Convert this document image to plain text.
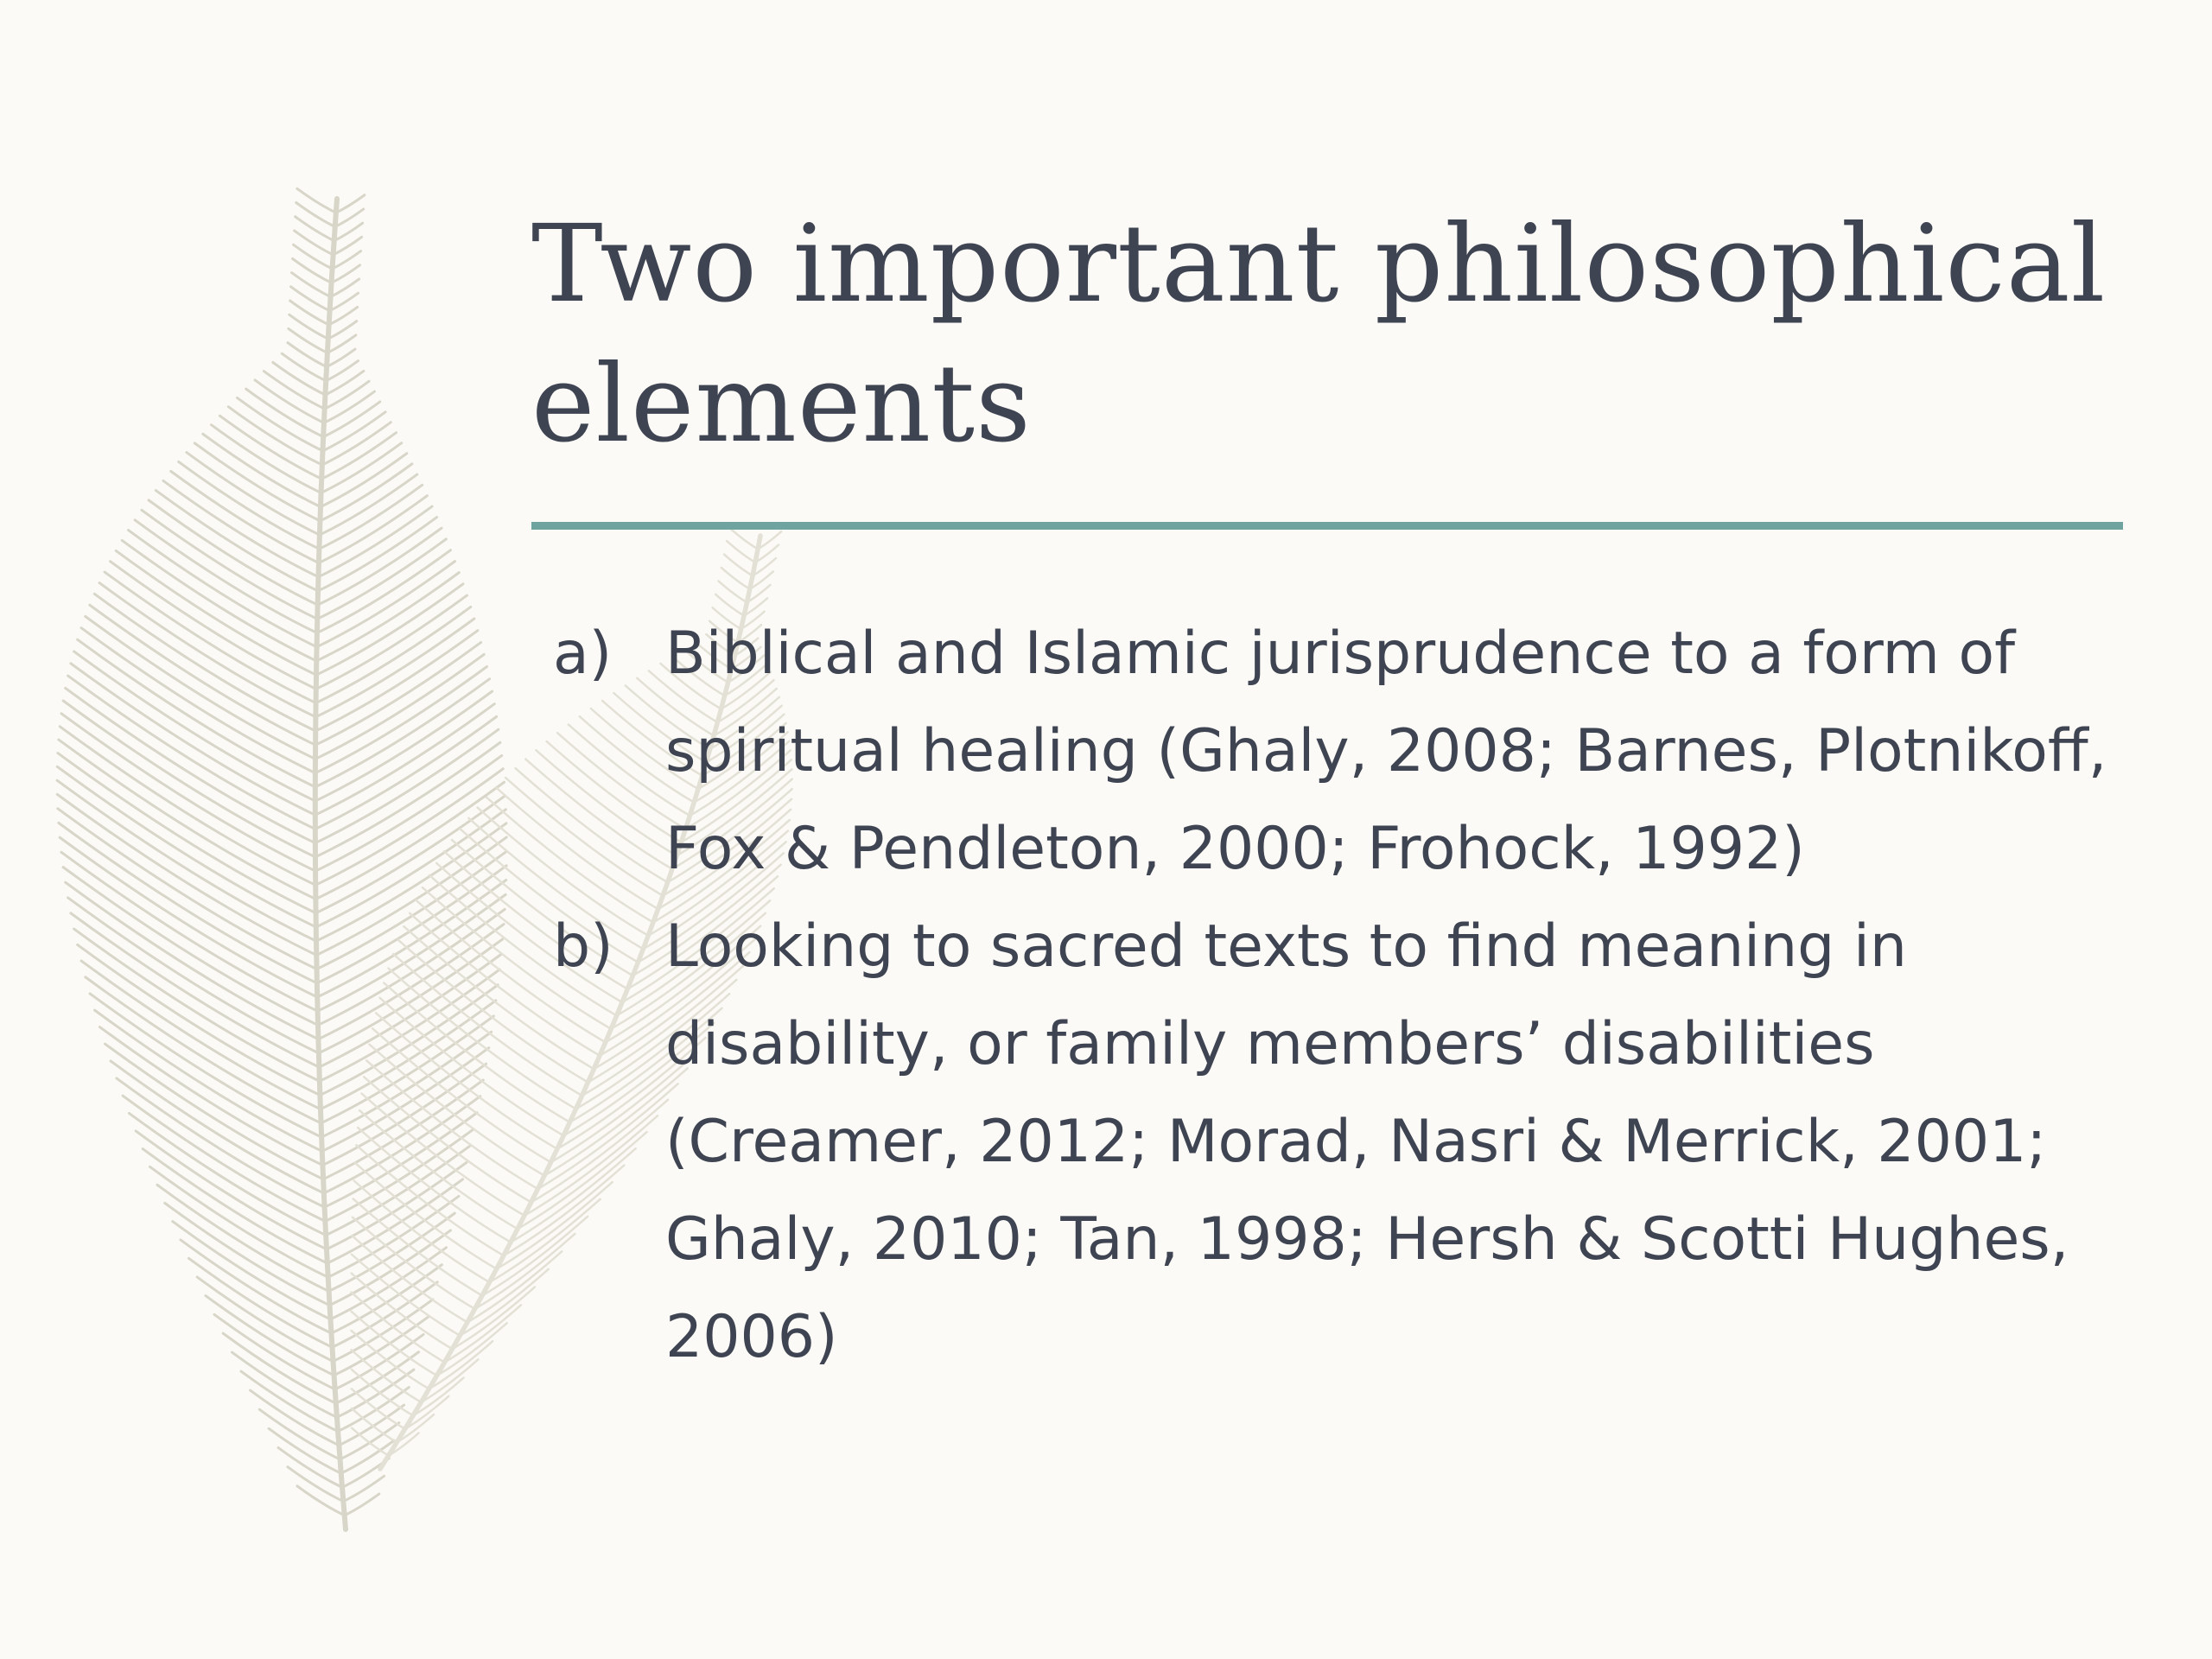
Two important philosophical elements
a) Biblical and Islamic jurisprudence to a form of spiritual healing (Ghaly, 2008; Barnes, Plotnikoff, Fox & Pendleton, 2000; Frohock, 1992)
b) Looking to sacred texts to find meaning in disability, or family members’ disabilities (Creamer, 2012; Morad, Nasri & Merrick, 2001; Ghaly, 2010; Tan, 1998; Hersh & Scotti Hughes, 2006)
